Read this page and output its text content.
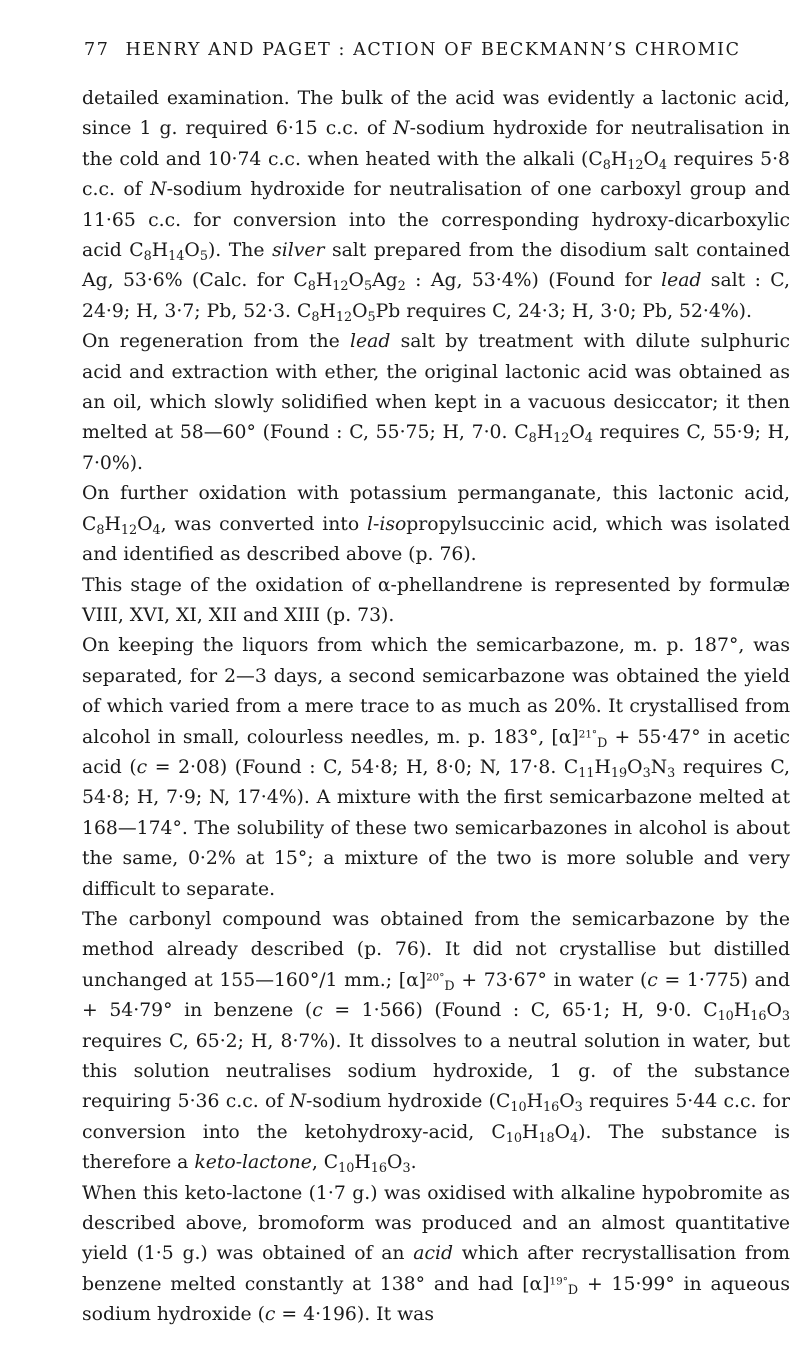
77 HENRY AND PAGET : ACTION OF BECKMANN’S CHROMIC

detailed examination. The bulk of the acid was evidently a lactonic acid, since 1 g. required 6·15 c.c. of N-sodium hydroxide for neutralisation in the cold and 10·74 c.c. when heated with the alkali ($C_8H_{12}O_4$ requires 5·8 c.c. of N-sodium hydroxide for neutralisation of one carboxyl group and 11·65 c.c. for conversion into the corresponding hydroxy-dicarboxylic acid $C_8H_{14}O_5$). The silver salt prepared from the disodium salt contained Ag, 53·6% (Calc. for $C_8H_{12}O_5Ag_2$ : Ag, 53·4%) (Found for lead salt : C, 24·9; H, 3·7; Pb, 52·3. $C_8H_{12}O_5Pb$ requires C, 24·3; H, 3·0; Pb, 52·4%).

On regeneration from the lead salt by treatment with dilute sulphuric acid and extraction with ether, the original lactonic acid was obtained as an oil, which slowly solidified when kept in a vacuous desiccator; it then melted at 58—60° (Found : C, 55·75; H, 7·0. $C_8H_{12}O_4$ requires C, 55·9; H, 7·0%).

On further oxidation with potassium permanganate, this lactonic acid, $C_8H_{12}O_4$, was converted into l-isopropylsuccinic acid, which was isolated and identified as described above (p. 76).

This stage of the oxidation of α-phellandrene is represented by formulæ VIII, XVI, XI, XII and XIII (p. 73).

On keeping the liquors from which the semicarbazone, m. p. 187°, was separated, for 2—3 days, a second semicarbazone was obtained the yield of which varied from a mere trace to as much as 20%. It crystallised from alcohol in small, colourless needles, m. p. 183°, $[\alpha]^{21^\circ}_D + 55\cdot 47^\circ$ in acetic acid (c = 2·08) (Found : C, 54·8; H, 8·0; N, 17·8. $C_{11}H_{19}O_3N_3$ requires C, 54·8; H, 7·9; N, 17·4%). A mixture with the first semicarbazone melted at 168—174°. The solubility of these two semicarbazones in alcohol is about the same, 0·2% at 15°; a mixture of the two is more soluble and very difficult to separate.

The carbonyl compound was obtained from the semicarbazone by the method already described (p. 76). It did not crystallise but distilled unchanged at 155—160°/1 mm.; $[\alpha]^{20^\circ}_D + 73\cdot 67^\circ$ in water (c = 1·775) and + 54·79° in benzene (c = 1·566) (Found : C, 65·1; H, 9·0. $C_{10}H_{16}O_3$ requires C, 65·2; H, 8·7%). It dissolves to a neutral solution in water, but this solution neutralises sodium hydroxide, 1 g. of the substance requiring 5·36 c.c. of N-sodium hydroxide ($C_{10}H_{16}O_3$ requires 5·44 c.c. for conversion into the ketohydroxy-acid, $C_{10}H_{18}O_4$). The substance is therefore a keto-lactone, $C_{10}H_{16}O_3$.

When this keto-lactone (1·7 g.) was oxidised with alkaline hypobromite as described above, bromoform was produced and an almost quantitative yield (1·5 g.) was obtained of an acid which after recrystallisation from benzene melted constantly at 138° and had $[\alpha]^{19^\circ}_D + 15\cdot 99^\circ$ in aqueous sodium hydroxide (c = 4·196). It was
